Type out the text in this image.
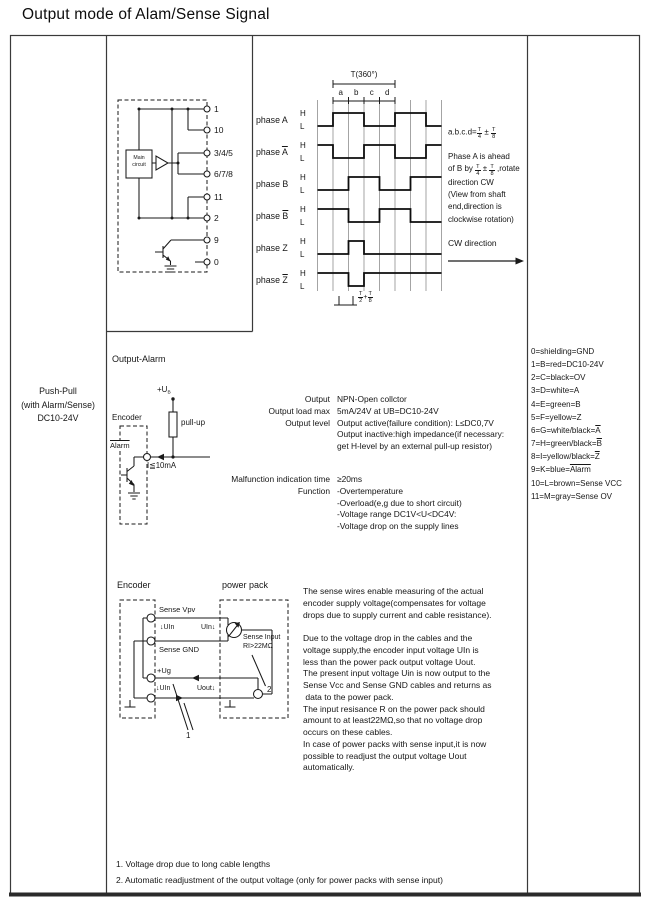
Output mode of Alam/Sense Signal
Push-Pull
(with Alarm/Sense)
DC10-24V
Main
circuit
1
10
3/4/5
6/7/8
11
2
9
0
T(360°)
a	b	c	d
phase A
H
L
phase $\overline{A}$
H
L
phase B
H
L
phase $\overline{B}$
H
L
phase Z
H
L
phase $\overline{Z}$
H
L
$\frac{T}{2} + \frac{T}{8}$
$a.b.c.d= \frac{T}{4} \pm \frac{T}{8}$
Phase A is ahead
of B by $\frac{T}{4} \pm \frac{T}{8}$ ,rotate
direction CW
(View from shaft
end,direction is
clockwise rotation)
CW direction
Output-Alarm
$+U_B$
pull-up
Encoder
Alarm
I≦10mA
Output NPN-Open collctor
Output load max 5mA/24V at UB=DC10-24V
Output level Output active(failure condition): L≤DC0,7V
Output inactive:high impedance(if necessary:
get H-level by an external pull-up resistor)
Malfunction indication time ≥20ms
Function -Overtemperature
-Overload(e,g due to short circuit)
-Voltage range DC1V<U<DC4V:
-Voltage drop on the supply lines
Encoder	power pack
Sense Vpv
↓UIn	UIn↓
Sense GND
Sense Input
RI>22MΩ
+Ug
↓UIn	Uout↓	2
1
The sense wires enable measuring of the actual
encoder supply voltage(compensates for voltage
drops due to supply current and cable resistance).

Due to the voltage drop in the cables and the
voltage supply,the encoder input voltage UIn is
less than the power pack output voltage Uout.
The present input voltage Uin is now output to the
Sense Vcc and Sense GND cables and returns as
data to the power pack.
The input resisance R on the power pack should
amount to at least22MΩ,so that no voltage drop
occurs on these cables.
In case of power packs with sense input,it is now
possible to readjust the output voltage Uout
automatically.
1. Voltage drop due to long cable lengths
2. Automatic readjustment of the output voltage (only for power packs with sense input)
0=shielding=GND
1=B=red=DC10-24V
2=C=black=OV
3=D=white=A
4=E=green=B
5=F=yellow=Z
$6=G=white/black=\overline{A}$
$7=H=green/black=\overline{B}$
$8=I=yellow/black=\overline{Z}$
9=K=blue=Alarm
10=L=brown=Sense VCC
11=M=gray=Sense OV
